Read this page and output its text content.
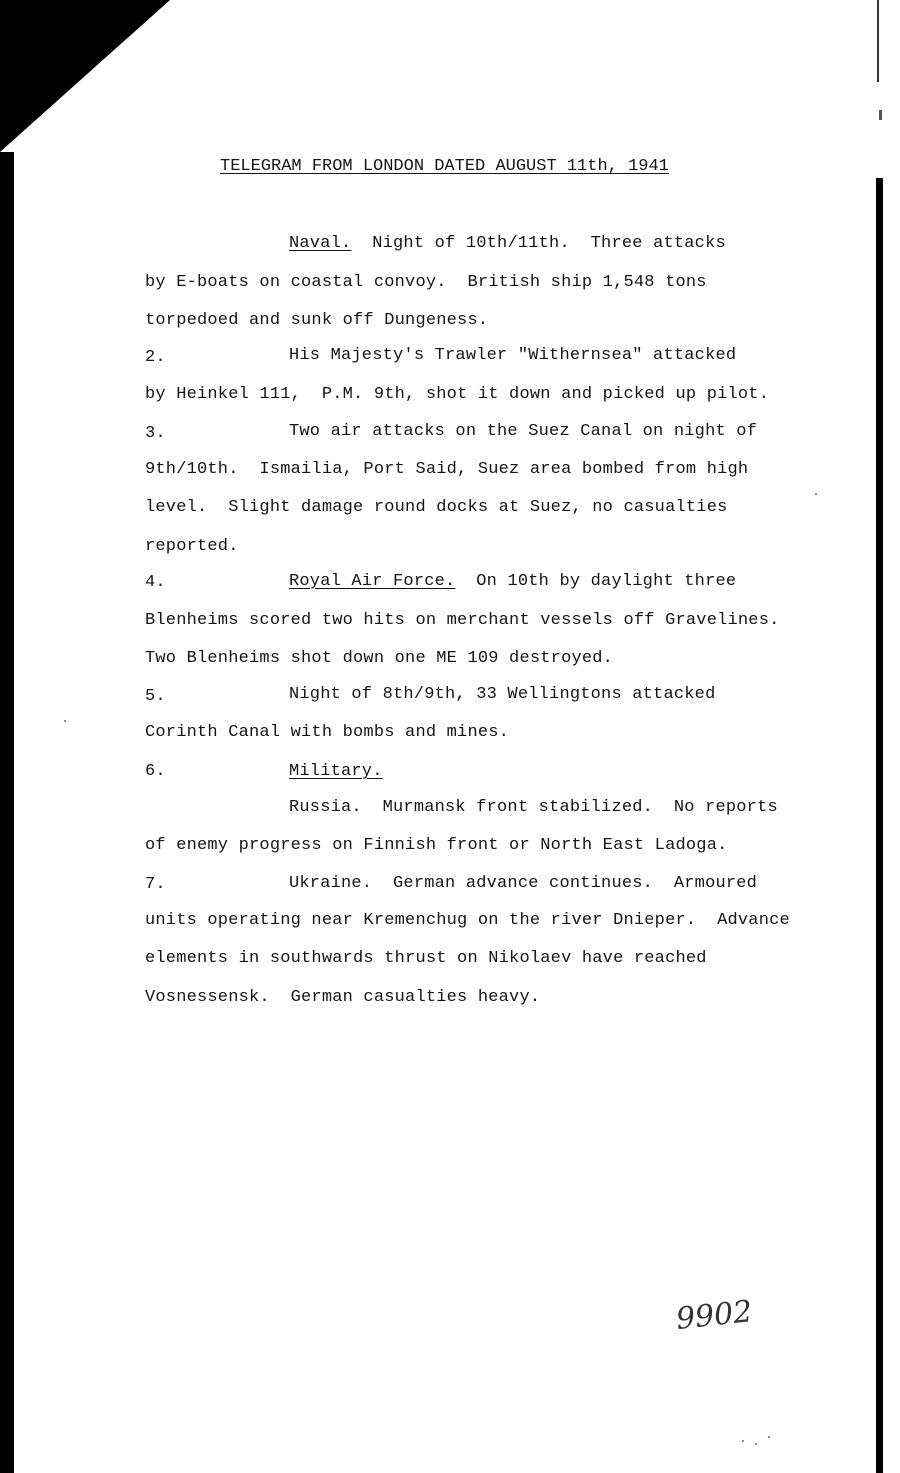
TELEGRAM FROM LONDON DATED AUGUST 11th, 1941
Naval.  Night of 10th/11th.  Three attacks
by E-boats on coastal convoy.  British ship 1,548 tons
torpedoed and sunk off Dungeness.
2.	His Majesty's Trawler "Withernsea" attacked
by Heinkel 111,  P.M. 9th, shot it down and picked up pilot.
3.	Two air attacks on the Suez Canal on night of
9th/10th.  Ismailia, Port Said, Suez area bombed from high
level.  Slight damage round docks at Suez, no casualties
reported.
4.	Royal Air Force.  On 10th by daylight three
Blenheims scored two hits on merchant vessels off Gravelines.
Two Blenheims shot down one ME 109 destroyed.
5.	Night of 8th/9th, 33 Wellingtons attacked
Corinth Canal with bombs and mines.
6.	Military.
Russia.  Murmansk front stabilized.  No reports
of enemy progress on Finnish front or North East Ladoga.
7.	Ukraine.  German advance continues.  Armoured
units operating near Kremenchug on the river Dnieper.  Advance
elements in southwards thrust on Nikolaev have reached
Vosnessensk.  German casualties heavy.
9902
